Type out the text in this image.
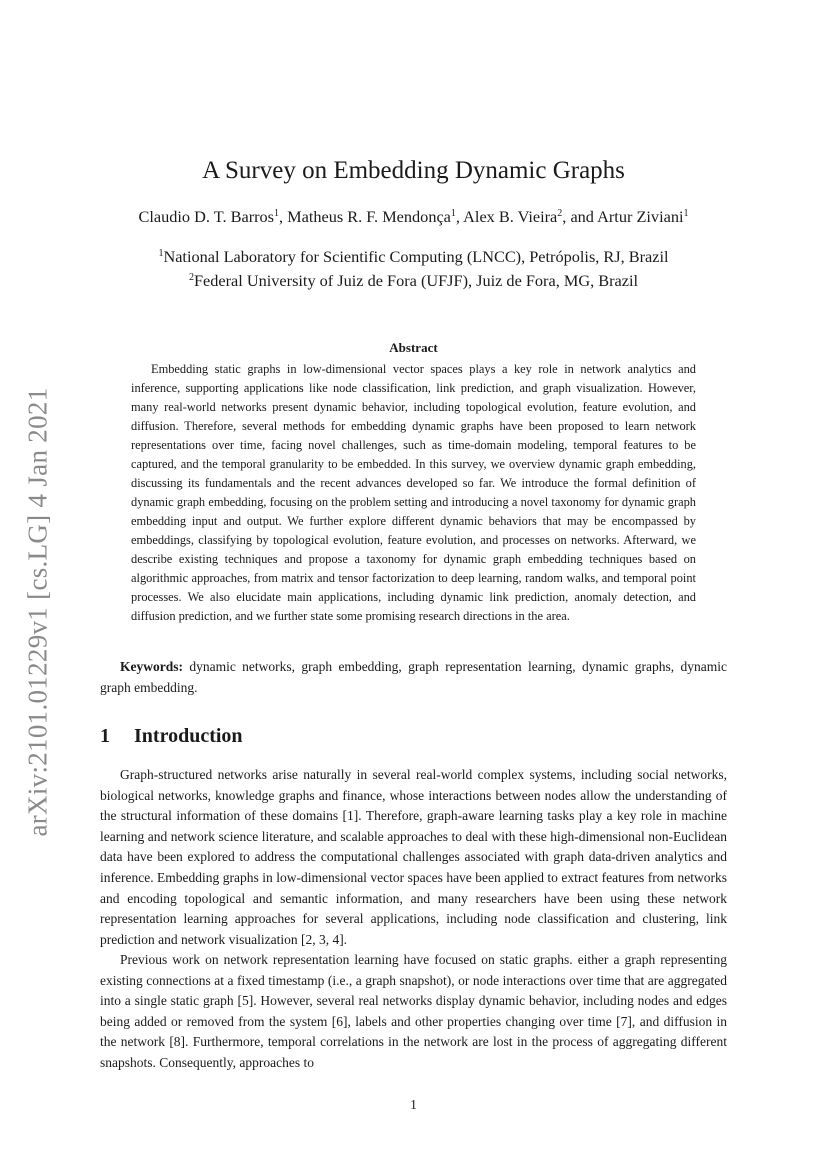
arXiv:2101.01229v1 [cs.LG] 4 Jan 2021
A Survey on Embedding Dynamic Graphs
Claudio D. T. Barros$^1$, Matheus R. F. Mendonça$^1$, Alex B. Vieira$^2$, and Artur Ziviani$^1$
$^1$National Laboratory for Scientific Computing (LNCC), Petrópolis, RJ, Brazil
$^2$Federal University of Juiz de Fora (UFJF), Juiz de Fora, MG, Brazil
Abstract

Embedding static graphs in low-dimensional vector spaces plays a key role in network analytics and inference, supporting applications like node classification, link prediction, and graph visualization. However, many real-world networks present dynamic behavior, including topological evolution, feature evolution, and diffusion. Therefore, several methods for embedding dynamic graphs have been proposed to learn network representations over time, facing novel challenges, such as time-domain modeling, temporal features to be captured, and the temporal granularity to be embedded. In this survey, we overview dynamic graph embedding, discussing its fundamentals and the recent advances developed so far. We introduce the formal definition of dynamic graph embedding, focusing on the problem setting and introducing a novel taxonomy for dynamic graph embedding input and output. We further explore different dynamic behaviors that may be encompassed by embeddings, classifying by topological evolution, feature evolution, and processes on networks. Afterward, we describe existing techniques and propose a taxonomy for dynamic graph embedding techniques based on algorithmic approaches, from matrix and tensor factorization to deep learning, random walks, and temporal point processes. We also elucidate main applications, including dynamic link prediction, anomaly detection, and diffusion prediction, and we further state some promising research directions in the area.

Keywords: dynamic networks, graph embedding, graph representation learning, dynamic graphs, dynamic graph embedding.

1 Introduction

Graph-structured networks arise naturally in several real-world complex systems, including social networks, biological networks, knowledge graphs and finance, whose interactions between nodes allow the understanding of the structural information of these domains [1]. Therefore, graph-aware learning tasks play a key role in machine learning and network science literature, and scalable approaches to deal with these high-dimensional non-Euclidean data have been explored to address the computational challenges associated with graph data-driven analytics and inference. Embedding graphs in low-dimensional vector spaces have been applied to extract features from networks and encoding topological and semantic information, and many researchers have been using these network representation learning approaches for several applications, including node classification and clustering, link prediction and network visualization [2, 3, 4].

Previous work on network representation learning have focused on static graphs. either a graph representing existing connections at a fixed timestamp (i.e., a graph snapshot), or node interactions over time that are aggregated into a single static graph [5]. However, several real networks display dynamic behavior, including nodes and edges being added or removed from the system [6], labels and other properties changing over time [7], and diffusion in the network [8]. Furthermore, temporal correlations in the network are lost in the process of aggregating different snapshots. Consequently, approaches to

1
